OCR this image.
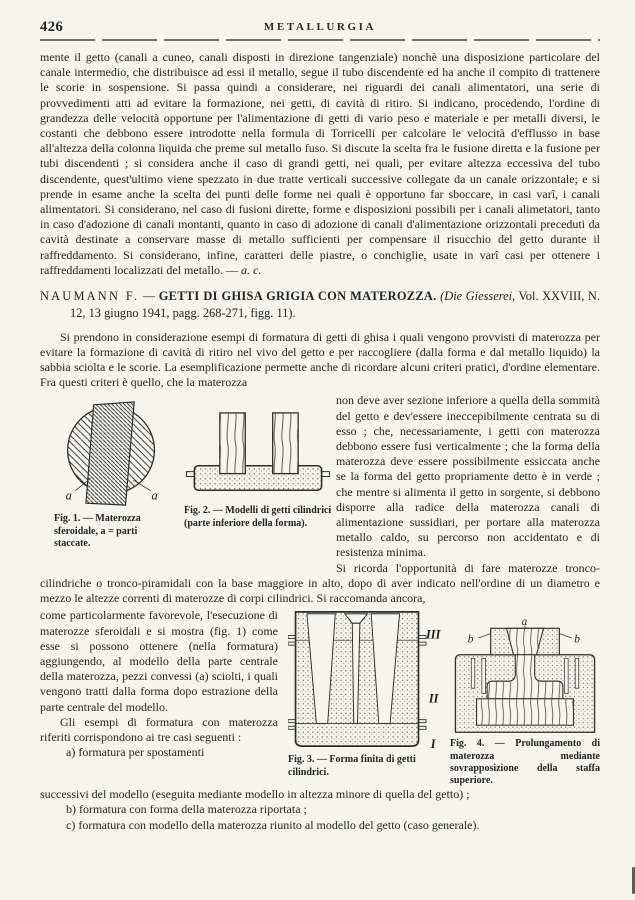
426	METALLURGIA

mente il getto (canali a cuneo, canali disposti in direzione tangenziale) nonchè una disposizione particolare del canale intermedio, che distribuisce ad essi il metallo, segue il tubo discendente ed ha anche il compito di trattenere le scorie in sospensione. Si passa quindi a considerare, nei riguardi dei canali alimentatori, una serie di provvedimenti atti ad evitare la formazione, nei getti, di cavità di ritiro. Si indicano, procedendo, l'ordine di grandezza delle velocità opportune per l'alimentazione di getti di vario peso e materiale e per metalli diversi, le costanti che debbono essere introdotte nella formula di Torricelli per calcolare le velocità d'efflusso in base all'altezza della colonna liquida che preme sul metallo fuso. Si discute la scelta fra le fusione diretta e la fusione per tubi discendenti ; si considera anche il caso di grandi getti, nei quali, per evitare altezza eccessiva del tubo discendente, quest'ultimo viene spezzato in due tratte verticali successive collegate da un canale orizzontale; e si prende in esame anche la scelta dei punti delle forme nei quali è opportuno far sboccare, in casi varî, i canali alimentatori. Si considerano, nel caso di fusioni dirette, forme e disposizioni possibili per i canali alimetatori, tanto in caso d'adozione di canali montanti, quanto in caso di adozione di canali d'alimentazione orizzontali preceduti da cavità destinate a conservare masse di metallo sufficienti per compensare il risucchio del getto durante il raffreddamento. Si considerano, infine, caratteri delle piastre, o conchiglie, usate in varî casi per ottenere i raffreddamenti localizzati del metallo. — a. c.

NAUMANN F. — GETTI DI GHISA GRIGIA CON MATEROZZA. (Die Giesserei, Vol. XXVIII, N. 12, 13 giugno 1941, pagg. 268-271, figg. 11).

Si prendono in considerazione esempi di formatura di getti di ghisa i quali vengono provvisti di materozza per evitare la formazione di cavità di ritiro nel vivo del getto e per raccogliere (dalla forma e dal metallo liquido) la sabbia sciolta e le scorie. La esemplificazione permette anche di ricordare alcuni criteri pratici, d'ordine elementare. Fra questi criteri è quello, che la materozza

a	a
Fig. 1. — Materozza sferoidale, a = parti staccate.
Fig. 2. — Modelli di getti cilindrici (parte inferiore della forma).

non deve aver sezione inferiore a quella della sommità del getto e dev'essere ineccepibilmente centrata su di esso ; che, necessariamente, i getti con materozza debbono essere fusi verticalmente ; che la forma della materozza deve essere possibilmente essiccata anche se la forma del getto propriamente detto è in verde ; che mentre si alimenta il getto in sorgente, si debbono disporre alla radice della materozza canali di alimentazione sussidiari, per portare alla materozza metallo caldo, su percorso non accidentato e di resistenza minima.

Si ricorda l'opportunità di fare materozze tronco-cilindriche o tronco-piramidali con la base maggiore in alto, dopo di aver indicato nell'ordine di un diametro e mezzo le altezze correnti di materozze di corpi cilindrici. Si raccomanda ancora,

come particolarmente favorevole, l'esecuzione di materozze sferoidali e si mostra (fig. 1) come esse si possono ottenere (nella formatura) aggiungendo, al modello della parte centrale della materozza, pezzi convessi (a) sciolti, i quali vengono tratti dalla forma dopo estrazione della parte centrale del modello.

Gli esempi di formatura con materozza riferiti corrispondono ai tre casi seguenti :

a) formatura per spostamenti

III
II
I
Fig. 3. — Forma finita di getti cilindrici.
a
b	b
Fig. 4. — Prolungamento di materozza mediante sovrapposizione della staffa superiore.

successivi del modello (eseguita mediante modello in altezza minore di quella del getto) ;

b) formatura con forma della materozza riportata ;

c) formatura con modello della materozza riunito al modello del getto (caso generale).
